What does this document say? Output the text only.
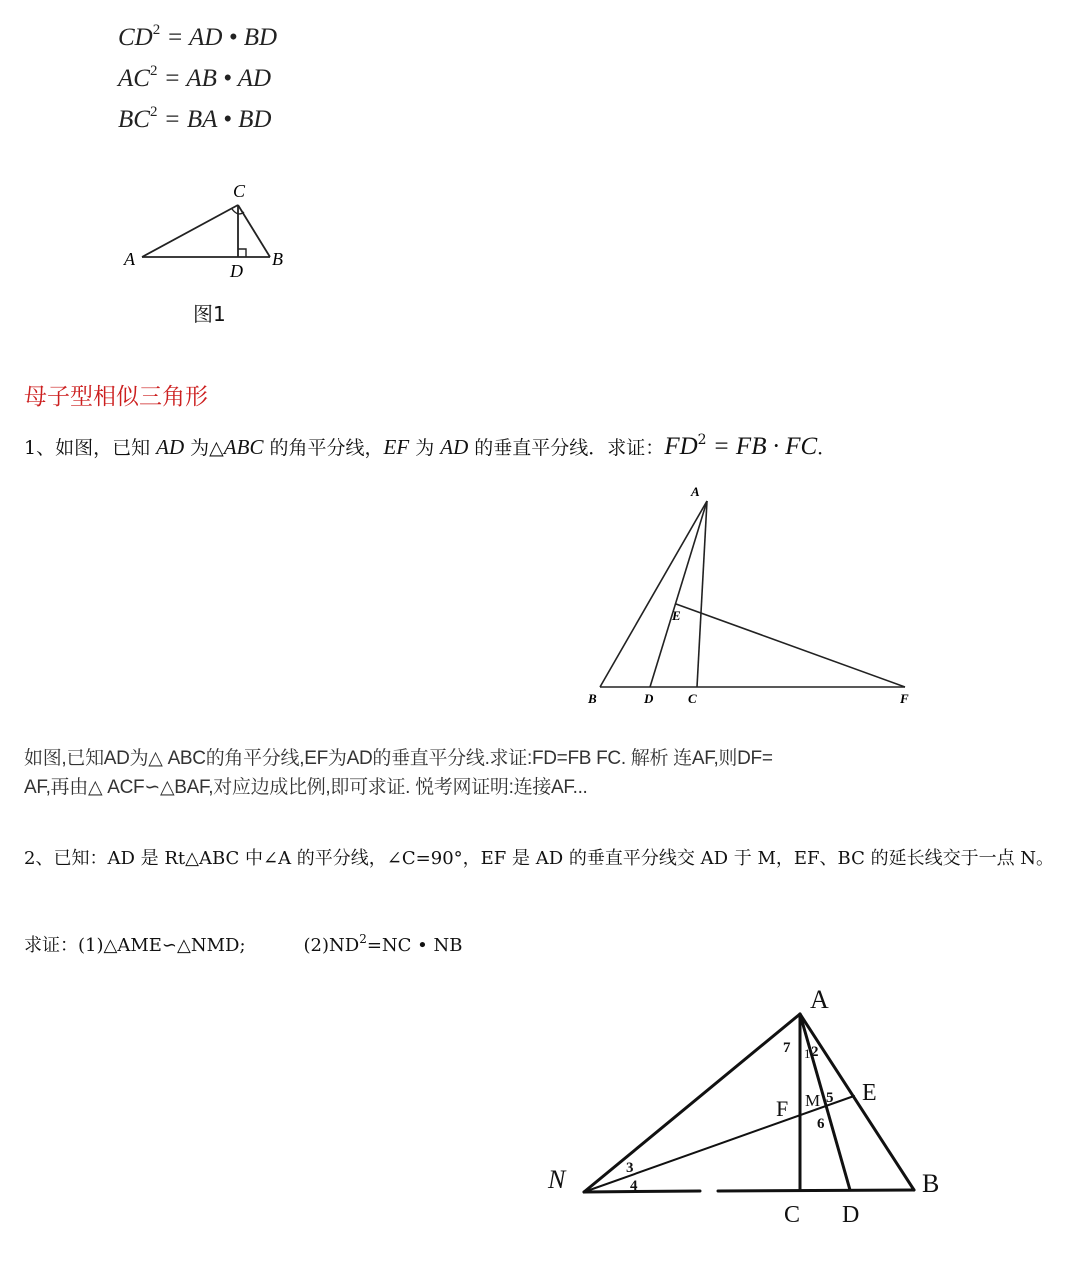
$CD^2$ = AD • BD
$AC^2$ = AB • AD
$BC^2$ = BA • BD
A	B
C
D
图1
母子型相似三角形
1、如图，已知 AD 为△ABC 的角平分线，EF 为 AD 的垂直平分线．求证：$FD^2$ = FB · FC．
A
E
B	D	C	F
如图,已知AD为△ ABC的角平分线,EF为AD的垂直平分线.求证:FD=FB FC. 解析 连AF,则DF=
AF,再由△ ACF∽△BAF,对应边成比例,即可求证. 悦考网证明:连接AF...
2、已知：AD 是 Rt△ABC 中∠A 的平分线，∠C=90°，EF 是 AD 的垂直平分线交 AD 于 M，EF、BC 的延长线交于一点 N。
求证：(1)△AME∽△NMD;	$(2)ND^2=NC$ • NB
A
E
F M
N	B
C D
1 2
3
4
5
6
7
